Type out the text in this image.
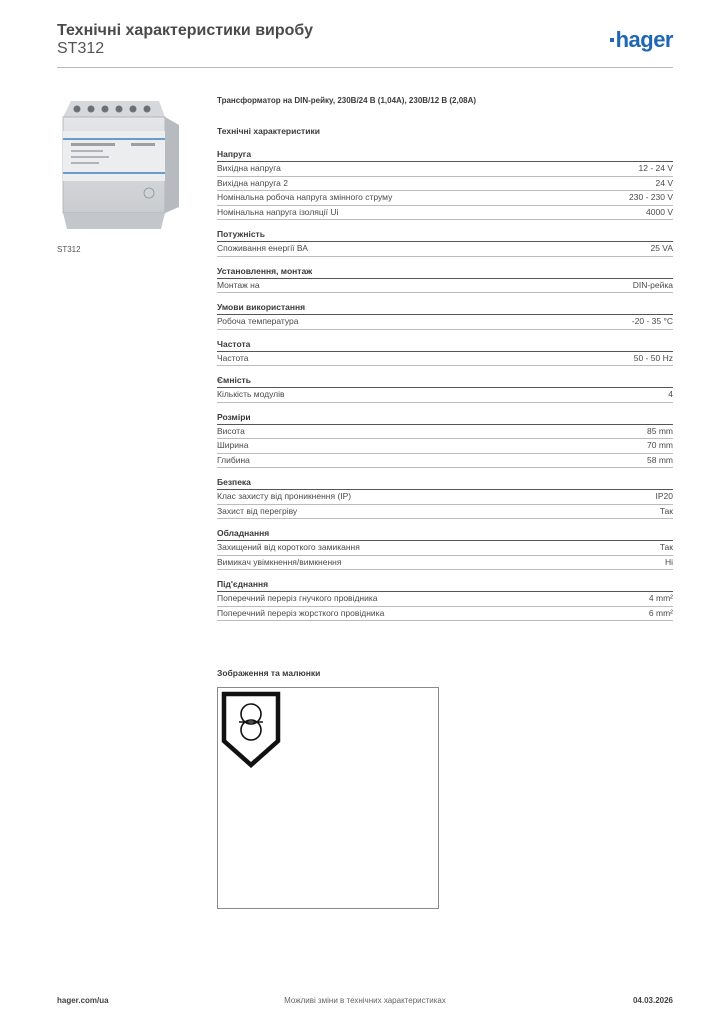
Технічні характеристики виробу
ST312	hager
ST312
Трансформатор на DIN-рейку, 230В/24 В (1,04А), 230В/12 В (2,08А)
Технічні характеристики
Напруга
Вихідна напруга	12 - 24 V
Вихідна напруга 2	24 V
Номінальна робоча напруга змінного струму	230 - 230 V
Номінальна напруга ізоляції Ui	4000 V
Потужність
Споживання енергії ВА	25 VA
Установлення, монтаж
Монтаж на	DIN-рейка
Умови використання
Робоча температура	-20 - 35 °C
Частота
Частота	50 - 50 Hz
Ємність
Кількість модулів	4
Розміри
Висота	85 mm
Ширина	70 mm
Глибина	58 mm
Безпека
Клас захисту від проникнення (IP)	IP20
Захист від перегріву	Так
Обладнання
Захищений від короткого замикання	Так
Вимикач увімкнення/вимкнення	Ні
Під'єднання
Поперечний переріз гнучкого провідника	4 mm²
Поперечний переріз жорсткого провідника	6 mm²
Зображення та малюнки
Можливі зміни в технічних характеристиках
hager.com/ua	04.03.2026
